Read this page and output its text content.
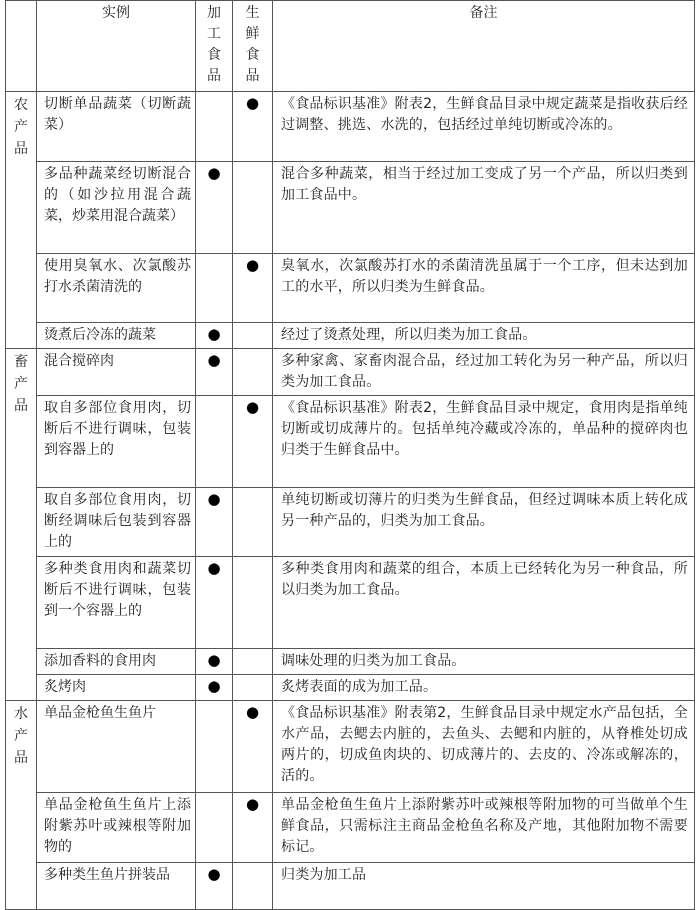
	实例	加工食品	生鲜食品	备注

农产品	切断单品蔬菜（切断蔬菜）		●	《食品标识基准》附表2，生鲜食品目录中规定蔬菜是指收获后经过调整、挑选、水洗的，包括经过单纯切断或冷冻的。
	多品种蔬菜经切断混合的（如沙拉用混合蔬菜，炒菜用混合蔬菜）	●		混合多种蔬菜，相当于经过加工变成了另一个产品，所以归类到加工食品中。
	使用臭氧水、次氯酸苏打水杀菌清洗的		●	臭氧水，次氯酸苏打水的杀菌清洗虽属于一个工序，但未达到加工的水平，所以归类为生鲜食品。
	烫煮后冷冻的蔬菜	●		经过了烫煮处理，所以归类为加工食品。

畜产品	混合搅碎肉	●		多种家禽、家畜肉混合品，经过加工转化为另一种产品，所以归类为加工食品。
	取自多部位食用肉，切断后不进行调味，包装到容器上的		●	《食品标识基准》附表2，生鲜食品目录中规定，食用肉是指单纯切断或切成薄片的。包括单纯冷藏或冷冻的，单品种的搅碎肉也归类于生鲜食品中。
	取自多部位食用肉，切断经调味后包装到容器上的	●		单纯切断或切薄片的归类为生鲜食品，但经过调味本质上转化成另一种产品的，归类为加工食品。
	多种类食用肉和蔬菜切断后不进行调味，包装到一个容器上的	●		多种类食用肉和蔬菜的组合，本质上已经转化为另一种食品，所以归类为加工食品。
	添加香料的食用肉	●		调味处理的归类为加工食品。
	炙烤肉	●		炙烤表面的成为加工品。

水产品	单品金枪鱼生鱼片		●	《食品标识基准》附表第2，生鲜食品目录中规定水产品包括，全水产品，去鳃去内脏的，去鱼头、去鳃和内脏的，从脊椎处切成两片的，切成鱼肉块的、切成薄片的、去皮的、冷冻或解冻的，活的。
	单品金枪鱼生鱼片上添附紫苏叶或辣根等附加物的		●	单品金枪鱼生鱼片上添附紫苏叶或辣根等附加物的可当做单个生鲜食品，只需标注主商品金枪鱼名称及产地，其他附加物不需要标记。
	多种类生鱼片拼装品	●		归类为加工品
